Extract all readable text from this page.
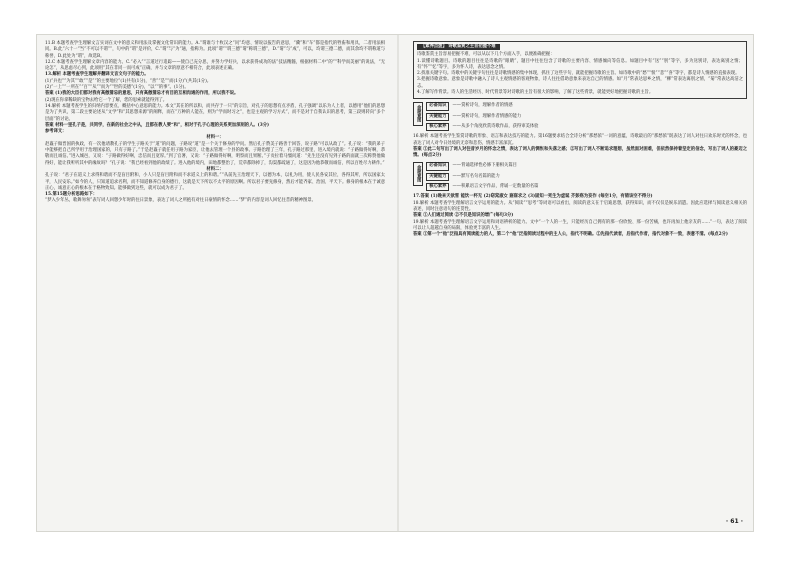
11.B 本题考查学生理解文言实词在文中的意义和用法及掌握文化常识的能力。A.“谓谁与十枚汉之“问”均意、情说以报告的意思，“骥”和“车”都是指代的牲畜和用具，二者用法相同。B.此“六十一”当“不可以不谓“”，句中的“谓”是评价，C.“谓”与“为”通，指称为。此项“谓”“谓三德”谓“称谓三德”，D.“谓”与“成”，可以，均谓三德二德，而其余均不谓称道与称誉，D.此处为“谓”，故选B。

12.C 本题考查学生理解文章内容的能力。C.“必入”“言道过行追踪——使自己充分思，并努力学好兵，以求获得成功的法”技法精髓，根据材料二中“的”“科学而美丽”的说法，“无论怎”，从思虑尽心到，此项用“其在非同一而可成”正确，并与文章的原意不相符合，此项表述正确。

13.解析 本题考查学生理解并翻译文言文句子的能力。

(1)“兵也”“为其”“敢”“是”“的主要地位”(1)共有(1分)，“善”“是”“而(1分)”(共其(1分)。

(2)“一上”“一所在”“百”“从”“而为”“世的美德”(1分)，“以”“的事”。(1分)。

答案 (1)我的大臣们都对我有高傲猜忌的意思，只有高傲猜忌才有目的互相沟通的作用，所以我不说。

(2)现在你拿稀缺的宝物去给它一个了解，您的思索就能得到了。

14.解析 本题考查学生的归纳内容要点、概括中心意思的能力。本文“其在的所以和，而共存于一只”的宗旨，对孔子的思想有点矛盾，孔子强调“以乐为人上者，以德用”他们的思想是为了共识，第二段主要论述从“文学”和“其思想来源”的阐释，而在“万种的人能在，则为“学而时习之”，也是主观的学习方式”，而不是对于自我认识的思考，第三段则转向“多个层面”的讨论。

答案 材料一里孔子是，共同学，在新的社会之中从，且都在教人要“和”，相对于孔子心理的关系更加深刻的人。(3分)

参考译文：

材料一：

赵襄子做晋国的执政，有一次他请教孔子的学生子路关于“道”的问题，子路说“道”是一个关于修身的学问。然后孔子赞美子路善于回答，说子路“可以从政了”。孔子说：“我的弟子中能够把自己所学用于治理国家的，只有子路了。”于是赵襄子就任用子路为家臣，让他去管理一个县的政事。子路治理了三年，孔子路过那里，进入境内就说：“子路做得好啊，恭敬而且诚信。”进入城邑，又说：“子路做得好啊，忠信而且宽厚。”到了官署，又说：“子路做得好啊，明察而且果断。”子贡拉着马缰问道：“先生还没有见到子路的面就三次称赞他做得好，能让我听听其中的缘故吗？”孔子说：“我已经看到他的政绩了。进入他的境内，田地都整治了，荒草都除掉了，沟渠都疏通了，这是因为他恭敬而诚信，所以百姓尽力耕作。”

材料二：

孔子说：“君子在道义上求得和谐而不是盲目附和，小人只是盲目附和而不求道义上的和谐。”“从前先王治理天下，以德为本，以礼为用，使人民各安其位，各得其所，所以国家太平，人民安乐。”如今的人，只知道追求名利，而不知道修养自身的德行，这就是天下所以不太平的原因啊。所以君子要先修身，然后才能齐家、治国、平天下。修身的根本在于诚意正心，诚意正心的根本在于格物致知。能够做到这些，就可以成为君子了。

15.第15题分析思路如下：

“梦入少年丛，歌舞匆匆”表写词人回想少年时的往日景象，表达了词人之所抱有对往日豪情的怀念……“梦”的内容是词人回忆往昔的精神图景。

【素养点拨】 诗歌鉴赏之主旨把握不难

诗歌鉴赏主旨容易把握不难，可以从以下几个方面入手，以便准确把握：

1.读懂诗歌题目。诗歌的题目往往是诗歌的“眼睛”，题目中往往包含了诗歌的主要内容、情感倾向等信息。如题目中有“送”“别”等字，多为送别诗，表达离别之情；有“怀”“忆”等字，多为怀人诗，表达思念之情。

2.找准关键字句。诗歌中的关键字句往往是诗歌情感的集中体现，抓住了这些字句，就能把握诗歌的主旨。如诗歌中的“愁”“恨”“悲”“喜”等字，都是诗人情感的直接表现。

3.把握诗歌意象。意象是诗歌中融入了诗人主观情感的客观物象，诗人往往借助意象来表达自己的情感。如“月”常表达思乡之情，“柳”常表达离别之情，“菊”常表达高洁之志。

4.了解写作背景。诗人的生活经历、时代背景等对诗歌的主旨有很大的影响，了解了这些背景，就能更好地把握诗歌的主旨。

命题意图	必备知识 ——赏析诗句，理解作者的情感
关键能力 ——赏析诗句，理解作者情感的能力
核心素养 ——从多个角度欣赏诗歌作品，获得审美体验

16.解析 本题考查学生鉴赏诗歌的形象、语言和表达技巧的能力。第16题要求结合全诗分析“那愁浓”一词的意蕴，诗歌最后的“那愁浓”既表达了词人对往日欢乐时光的怀念，也表达了词人对今日处境的无奈和悲伤，情感丰富深沉。

答案 ①此二句写出了词人对往昔岁月的怀念之情，表达了词人的惆怅和失落之感；②写出了词人不断追求理想，虽然面对困难，但依然保持着坚定的信念，写出了词人的豪迈之情。(每点2分)

命题意图	必备知识 ——背诵选择性必修下册相关篇目
关键能力 ——默写名句名篇的能力
核心素养 ——积累语言文字作品，背诵一定数量的名篇

17.答案 (1)晚来天欲雪 能饮一杯无 (2)窈窕淑女 寤寐求之 (3)固知一死生为虚诞 齐彭殇为妄作 (每空1分，有错该空不得分)

18.解析 本题考查学生理解语言文字运用的能力。从“阅读”“思考”等词语可以看出，阅读的意义在于启迪思想，获得知识，而不仅仅是娱乐消遣。因此应选择与阅读意义相关的表述，同时注意语句的连贯性。

答案 ①人们通过阅读 ②不仅是知识的增广(每句3分)

19.解析 本题考查学生理解语言文字运用和词语辨析的能力。文中“一个人的一生，只能经历自己拥有的那一份欣悦、那一份苦痛，也许再加上他亲友的……”一句，表达了阅读可以让人超越自身的局限，体验更丰富的人生。

答案 ①第一个“他”泛指具有阅读能力的人，第二个“他”泛指阅读过程中的主人公，指代不明确。②先指代读者，后指代作者，指代对象不一致，表意不清。(每点2分)

· 61 ·
